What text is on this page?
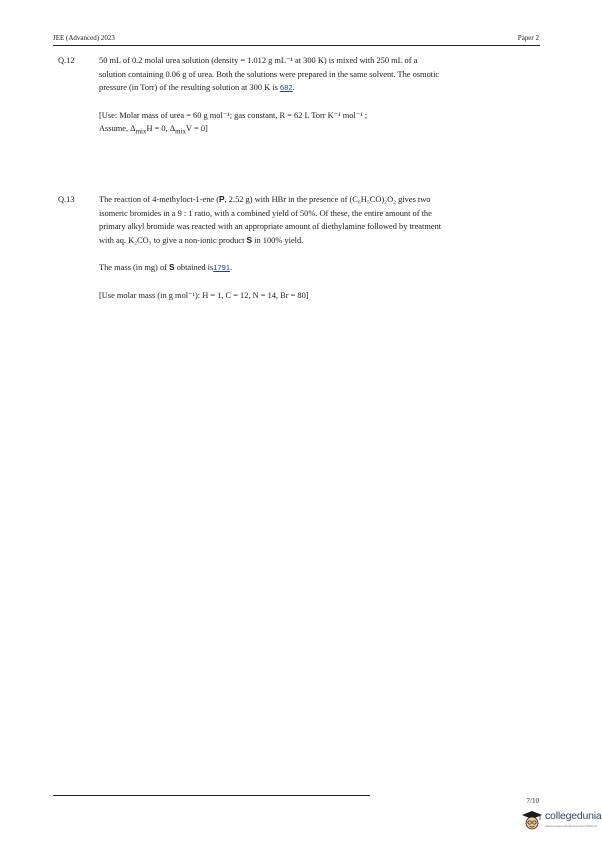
JEE (Advanced) 2023	Paper 2
Q.12	50 mL of 0.2 molal urea solution (density = 1.012 g mL⁻¹ at 300 K) is mixed with 250 mL of a

solution containing 0.06 g of urea. Both the solutions were prepared in the same solvent. The osmotic

pressure (in Torr) of the resulting solution at 300 K is 682.

[Use: Molar mass of urea = 60 g mol⁻¹; gas constant, R = 62 L Torr K⁻¹ mol⁻¹ ;

Assume, $\Delta_{mix}H = 0$, $\Delta_{mix}V = 0$]

Q.13	The reaction of 4-methyloct-1-ene (P, 2.52 g) with HBr in the presence of (C₆H₅CO)₂O₂ gives two

isomeric bromides in a 9 : 1 ratio, with a combined yield of 50%. Of these, the entire amount of the

primary alkyl bromide was reacted with an appropriate amount of diethylamine followed by treatment

with aq. K₂CO₃ to give a non-ionic product S in 100% yield.

The mass (in mg) of S obtained is1791.

[Use molar mass (in g mol⁻¹): H = 1, C = 12, N = 14, Br = 80]

7/10
collegedunia
India's largest Student Review Platform
